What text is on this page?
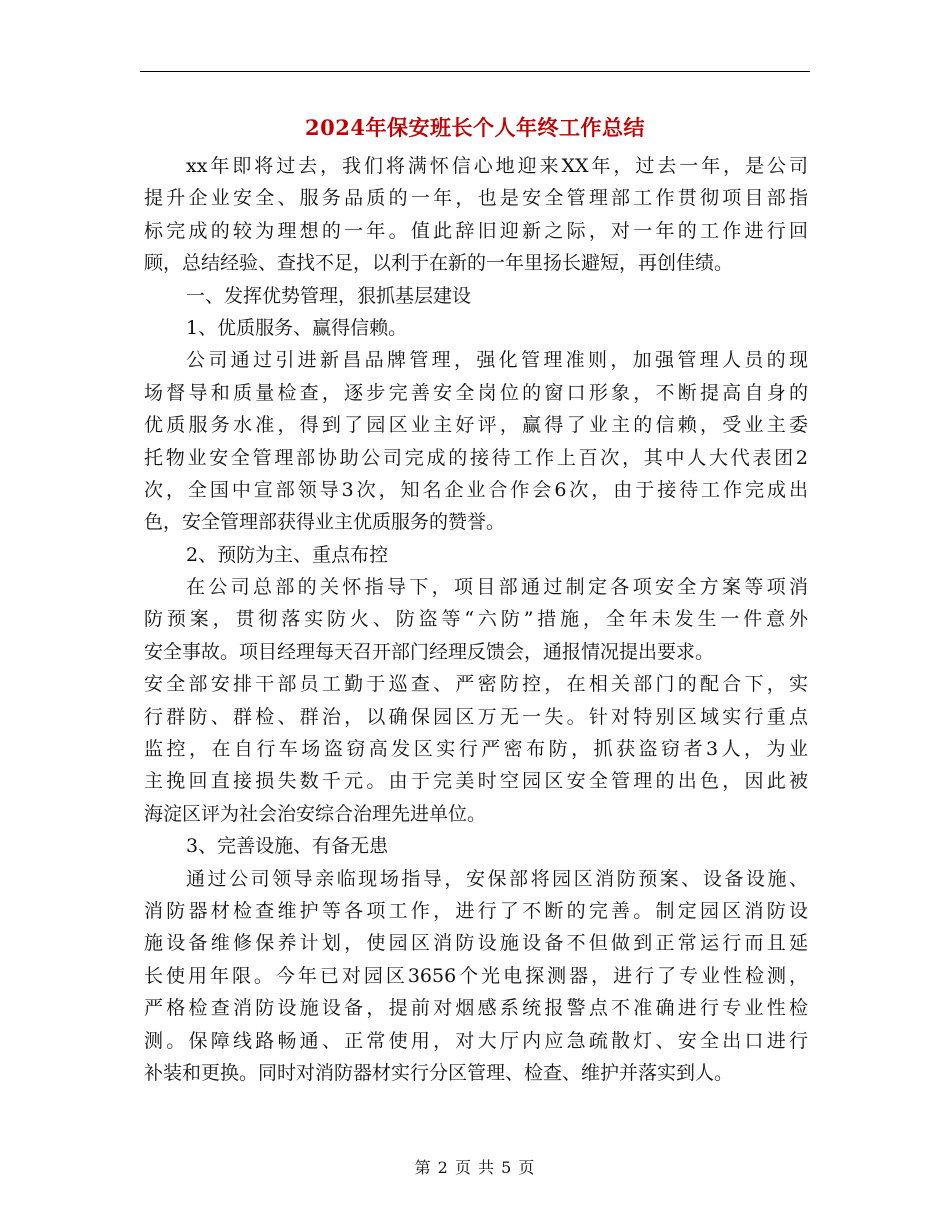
2024年保安班长个人年终工作总结
xx年即将过去，我们将满怀信心地迎来XX年，过去一年，是公司
提升企业安全、服务品质的一年，也是安全管理部工作贯彻项目部指
标完成的较为理想的一年。值此辞旧迎新之际，对一年的工作进行回
顾，总结经验、查找不足，以利于在新的一年里扬长避短，再创佳绩。
一、发挥优势管理，狠抓基层建设
1、优质服务、赢得信赖。
公司通过引进新昌品牌管理，强化管理准则，加强管理人员的现
场督导和质量检查，逐步完善安全岗位的窗口形象，不断提高自身的
优质服务水准，得到了园区业主好评，赢得了业主的信赖，受业主委
托物业安全管理部协助公司完成的接待工作上百次，其中人大代表团2
次，全国中宣部领导3次，知名企业合作会6次，由于接待工作完成出
色，安全管理部获得业主优质服务的赞誉。
2、预防为主、重点布控
在公司总部的关怀指导下，项目部通过制定各项安全方案等项消
防预案，贯彻落实防火、防盗等“六防”措施，全年未发生一件意外
安全事故。项目经理每天召开部门经理反馈会，通报情况提出要求。
安全部安排干部员工勤于巡查、严密防控，在相关部门的配合下，实
行群防、群检、群治，以确保园区万无一失。针对特别区域实行重点
监控，在自行车场盗窃高发区实行严密布防，抓获盗窃者3人，为业
主挽回直接损失数千元。由于完美时空园区安全管理的出色，因此被
海淀区评为社会治安综合治理先进单位。
3、完善设施、有备无患
通过公司领导亲临现场指导，安保部将园区消防预案、设备设施、
消防器材检查维护等各项工作，进行了不断的完善。制定园区消防设
施设备维修保养计划，使园区消防设施设备不但做到正常运行而且延
长使用年限。今年已对园区3656个光电探测器，进行了专业性检测，
严格检查消防设施设备，提前对烟感系统报警点不准确进行专业性检
测。保障线路畅通、正常使用，对大厅内应急疏散灯、安全出口进行
补装和更换。同时对消防器材实行分区管理、检查、维护并落实到人。
第 2 页 共 5 页
